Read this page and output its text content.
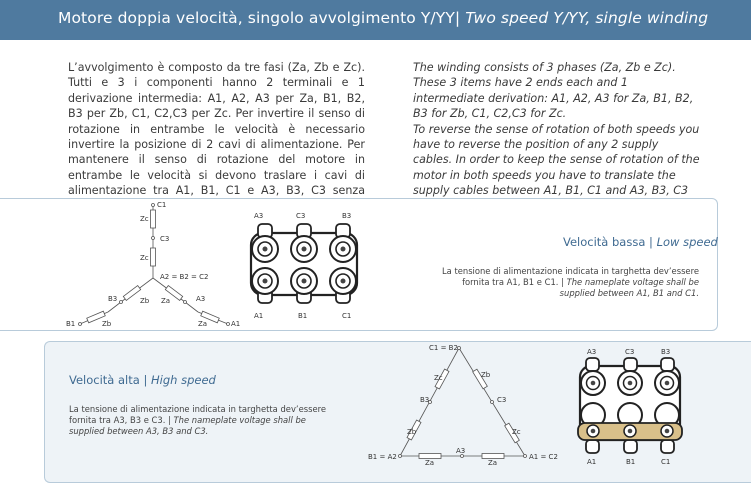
Motore doppia velocità, singolo avvolgimento Y/YY| Two speed Y/YY, single winding

L’avvolgimento è composto da tre fasi (Za, Zb e Zc). Tutti e 3 i componenti hanno 2 terminali e 1 derivazione intermedia: A1, A2, A3 per Za, B1, B2, B3 per Zb, C1, C2,C3 per Zc. Per invertire il senso di rotazione in entrambe le velocità è necessario invertire la posizione di 2 cavi di alimentazione. Per mantenere il senso di rotazione del motore in entrambe le velocità si devono traslare i cavi di alimentazione tra A1, B1, C1 e A3, B3, C3 senza

The winding consists of 3 phases (Za, Zb e Zc). These 3 items have 2 ends each and 1 intermediate derivation: A1, A2, A3 for Za, B1, B2, B3 for Zb, C1, C2,C3 for Zc.

To reverse the sense of rotation of both speeds you have to reverse the position of any 2 supply cables. In order to keep the sense of rotation of the motor in both speeds you have to translate the supply cables between A1, B1, C1 and A3, B3, C3

C1
Zc
C3
Zc
A2 = B2 = C2
B3	Zb Za	A3
B1	Zb	Za	A1
A3	C3	B3
A1	B1	C1
Velocità bassa | Low speed
La tensione di alimentazione indicata in targhetta dev’essere fornita tra A1, B1 e C1. | The nameplate voltage shall be supplied between A1, B1 and C1.
Velocità alta | High speed
La tensione di alimentazione indicata in targhetta dev’essere fornita tra A3, B3 e C3. | The nameplate voltage shall be supplied between A3, B3 and C3.
C1 = B2
Zc	Zb
B3	C3
Zb	Zc
B1 = A2
Za
A3
Za
A1 = C2
A3	C3	B3
A1	B1	C1
